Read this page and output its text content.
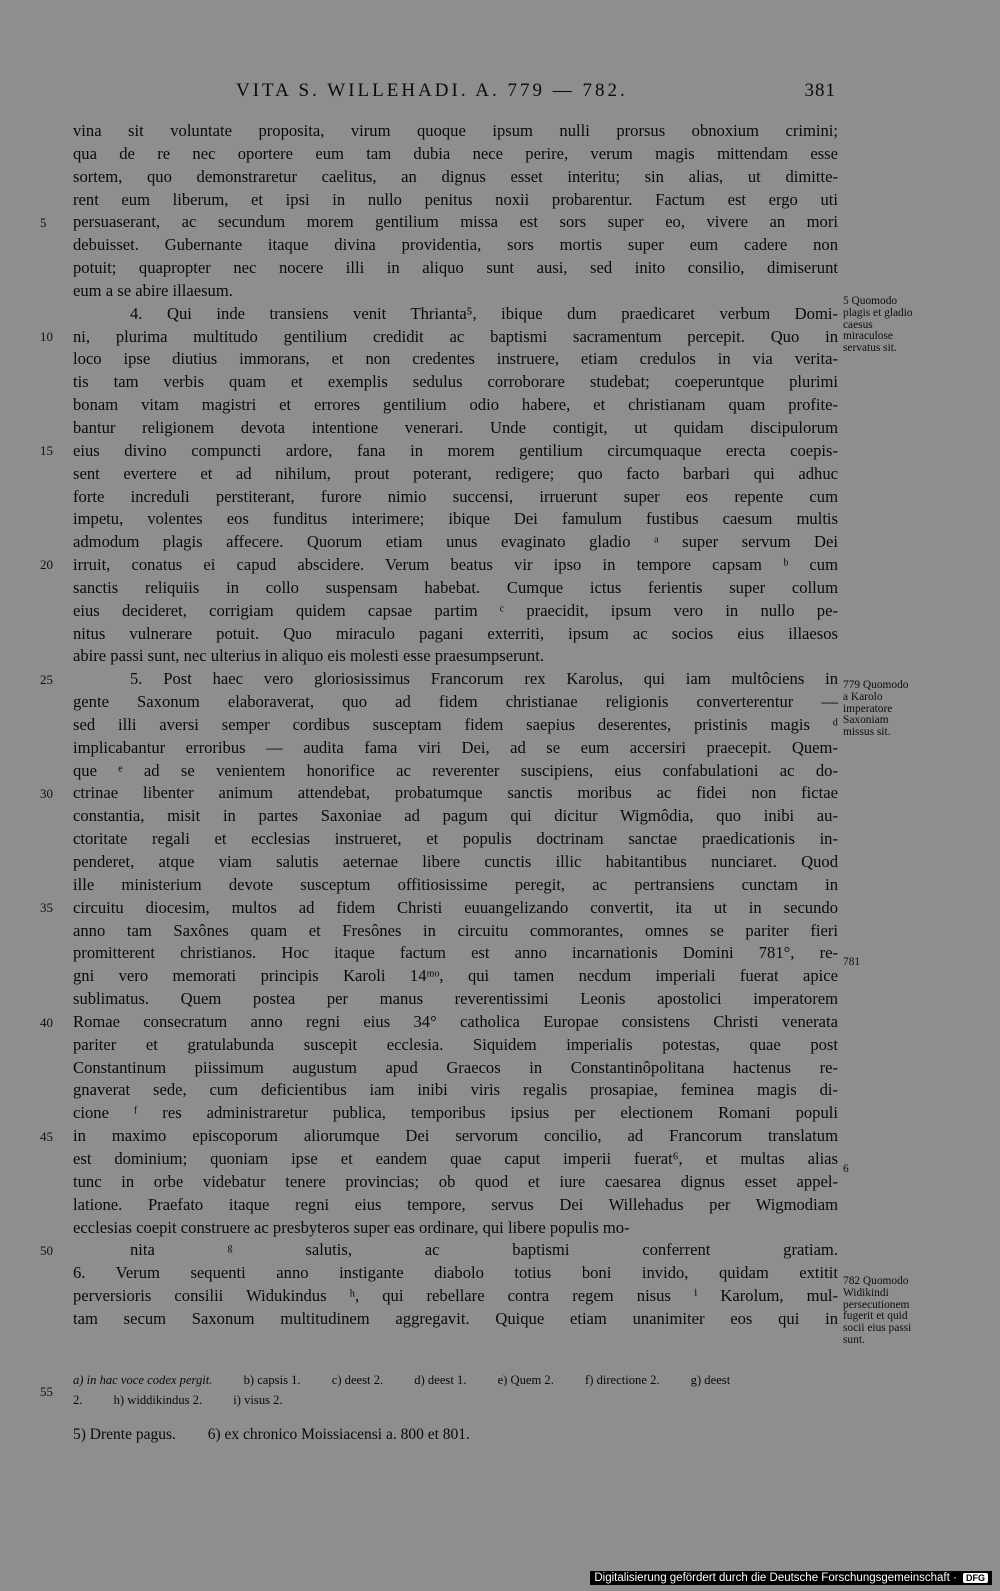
VITA S. WILLEHADI. A. 779 — 782.	381
vina sit voluntate proposita, virum quoque ipsum nulli prorsus obnoxium crimini;
qua de re nec oportere eum tam dubia nece perire, verum magis mittendam esse
sortem, quo demonstraretur caelitus, an dignus esset interitu; sin alias, ut dimitte-
rent eum liberum, et ipsi in nullo penitus noxii probarentur. Factum est ergo uti
persuaserant, ac secundum morem gentilium missa est sors super eo, vivere an mori
debuisset. Gubernante itaque divina providentia, sors mortis super eum cadere non
potuit; quapropter nec nocere illi in aliquo sunt ausi, sed inito consilio, dimiserunt
eum a se abire illaesum.
4. Qui inde transiens venit Thrianta⁵, ibique dum praedicaret verbum Domi-
ni, plurima multitudo gentilium credidit ac baptismi sacramentum percepit. Quo in
loco ipse diutius immorans, et non credentes instruere, etiam credulos in via verita-
tis tam verbis quam et exemplis sedulus corroborare studebat; coeperuntque plurimi
bonam vitam magistri et errores gentilium odio habere, et christianam quam profite-
bantur religionem devota intentione venerari. Unde contigit, ut quidam discipulorum
eius divino compuncti ardore, fana in morem gentilium circumquaque erecta coepis-
sent evertere et ad nihilum, prout poterant, redigere; quo facto barbari qui adhuc
forte increduli perstiterant, furore nimio succensi, irruerunt super eos repente cum
impetu, volentes eos funditus interimere; ibique Dei famulum fustibus caesum multis
admodum plagis affecere. Quorum etiam unus evaginato gladio ᵃ super servum Dei
irruit, conatus ei capud abscidere. Verum beatus vir ipso in tempore capsam ᵇ cum
sanctis reliquiis in collo suspensam habebat. Cumque ictus ferientis super collum
eius decideret, corrigiam quidem capsae partim ᶜ praecidit, ipsum vero in nullo pe-
nitus vulnerare potuit. Quo miraculo pagani exterriti, ipsum ac socios eius illaesos
abire passi sunt, nec ulterius in aliquo eis molesti esse praesumpserunt.
5. Post haec vero gloriosissimus Francorum rex Karolus, qui iam multôciens in
gente Saxonum elaboraverat, quo ad fidem christianae religionis converterentur —
sed illi aversi semper cordibus susceptam fidem saepius deserentes, pristinis magis ᵈ
implicabantur erroribus — audita fama viri Dei, ad se eum accersiri praecepit. Quem-
que ᵉ ad se venientem honorifice ac reverenter suscipiens, eius confabulationi ac do-
ctrinae libenter animum attendebat, probatumque sanctis moribus ac fidei non fictae
constantia, misit in partes Saxoniae ad pagum qui dicitur Wigmôdia, quo inibi au-
ctoritate regali et ecclesias instrueret, et populis doctrinam sanctae praedicationis in-
penderet, atque viam salutis aeternae libere cunctis illic habitantibus nunciaret. Quod
ille ministerium devote susceptum offitiosissime peregit, ac pertransiens cunctam in
circuitu diocesim, multos ad fidem Christi euuangelizando convertit, ita ut in secundo
anno tam Saxônes quam et Fresônes in circuitu commorantes, omnes se pariter fieri
promitterent christianos. Hoc itaque factum est anno incarnationis Domini 781°, re-
gni vero memorati principis Karoli 14ᵐᵒ, qui tamen necdum imperiali fuerat apice
sublimatus. Quem postea per manus reverentissimi Leonis apostolici imperatorem
Romae consecratum anno regni eius 34° catholica Europae consistens Christi venerata
pariter et gratulabunda suscepit ecclesia. Siquidem imperialis potestas, quae post
Constantinum piissimum augustum apud Graecos in Constantinôpolitana hactenus re-
gnaverat sede, cum deficientibus iam inibi viris regalis prosapiae, feminea magis di-
cione ᶠ res administraretur publica, temporibus ipsius per electionem Romani populi
in maximo episcoporum aliorumque Dei servorum concilio, ad Francorum translatum
est dominium; quoniam ipse et eandem quae caput imperii fuerat⁶, et multas alias
tunc in orbe videbatur tenere provincias; ob quod et iure caesarea dignus esset appel-
latione. Praefato itaque regni eius tempore, servus Dei Willehadus per Wigmodiam
ecclesias coepit construere ac presbyteros super eas ordinare, qui libere populis mo-
nita ᵍ salutis, ac baptismi conferrent gratiam.
6. Verum sequenti anno instigante diabolo totius boni invido, quidam extitit
perversioris consilii Widukindus ʰ, qui rebellare contra regem nisus ⁱ Karolum, mul-
tam secum Saxonum multitudinem aggregavit. Quique etiam unanimiter eos qui in
5
10
15
20
25
30
35
40
45
50
55
5 Quomodo plagis et gladio caesus miraculose servatus sit.
779 Quomodo a Karolo imperatore Saxoniam missus sit.
781
6
782 Quomodo Widikindi persecutionem fugerit et quid socii eius passi sunt.
a) in hac voce codex pergit. b) capsis 1. c) deest 2. d) deest 1. e) Quem 2. f) directione 2. g) deest
2. h) widdikindus 2. i) visus 2.
5) Drente pagus. 6) ex chronico Moissiacensi a. 800 et 801.
Digitalisierung gefördert durch die Deutsche Forschungsgemeinschaft · DFG
